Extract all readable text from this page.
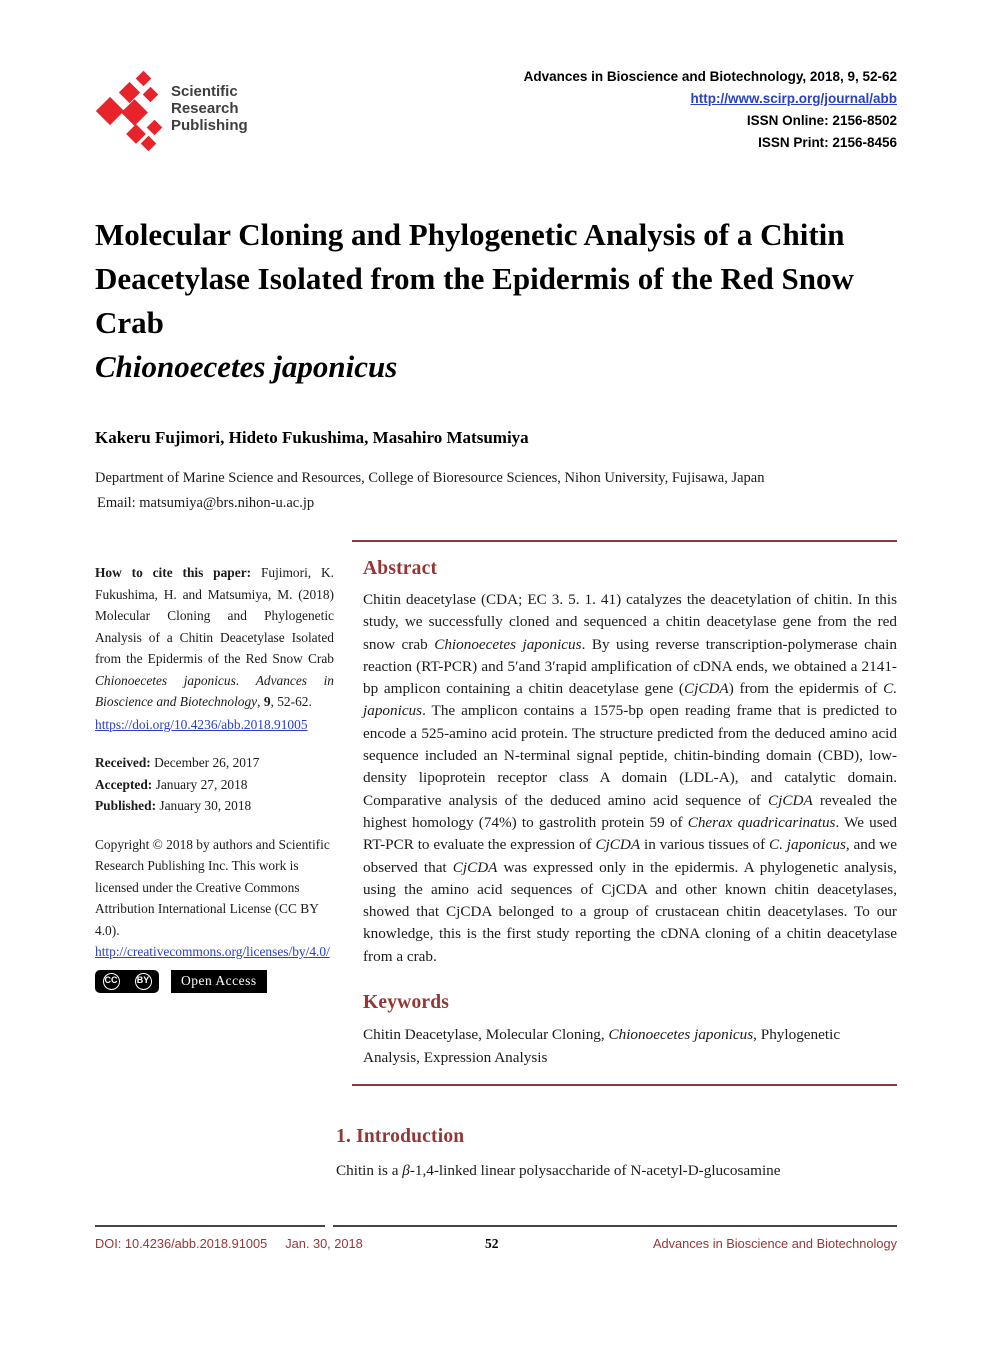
Scientific
Research
Publishing
Advances in Bioscience and Biotechnology, 2018, 9, 52-62
http://www.scirp.org/journal/abb
ISSN Online: 2156-8502
ISSN Print: 2156-8456
Molecular Cloning and Phylogenetic Analysis of a Chitin Deacetylase Isolated from the Epidermis of the Red Snow Crab
Chionoecetes japonicus
Kakeru Fujimori, Hideto Fukushima, Masahiro Matsumiya
Department of Marine Science and Resources, College of Bioresource Sciences, Nihon University, Fujisawa, Japan
Email: matsumiya@brs.nihon-u.ac.jp
How to cite this paper: Fujimori, K. Fukushima, H. and Matsumiya, M. (2018) Molecular Cloning and Phylogenetic Analysis of a Chitin Deacetylase Isolated from the Epidermis of the Red Snow Crab Chionoecetes japonicus. Advances in Bioscience and Biotechnology, 9, 52-62.
https://doi.org/10.4236/abb.2018.91005
Received: December 26, 2017
Accepted: January 27, 2018
Published: January 30, 2018
Copyright © 2018 by authors and Scientific Research Publishing Inc. This work is licensed under the Creative Commons Attribution International License (CC BY 4.0).
http://creativecommons.org/licenses/by/4.0/
CC BY	Open Access
Abstract

Chitin deacetylase (CDA; EC 3. 5. 1. 41) catalyzes the deacetylation of chitin. In this study, we successfully cloned and sequenced a chitin deacetylase gene from the red snow crab Chionoecetes japonicus. By using reverse transcription-polymerase chain reaction (RT-PCR) and 5′and 3′rapid amplification of cDNA ends, we obtained a 2141-bp amplicon containing a chitin deacetylase gene (CjCDA) from the epidermis of C. japonicus. The amplicon contains a 1575-bp open reading frame that is predicted to encode a 525-amino acid protein. The structure predicted from the deduced amino acid sequence included an N-terminal signal peptide, chitin-binding domain (CBD), low-density lipoprotein receptor class A domain (LDL-A), and catalytic domain. Comparative analysis of the deduced amino acid sequence of CjCDA revealed the highest homology (74%) to gastrolith protein 59 of Cherax quadricarinatus. We used RT-PCR to evaluate the expression of CjCDA in various tissues of C. japonicus, and we observed that CjCDA was expressed only in the epidermis. A phylogenetic analysis, using the amino acid sequences of CjCDA and other known chitin deacetylases, showed that CjCDA belonged to a group of crustacean chitin deacetylases. To our knowledge, this is the first study reporting the cDNA cloning of a chitin deacetylase from a crab.

Keywords

Chitin Deacetylase, Molecular Cloning, Chionoecetes japonicus, Phylogenetic Analysis, Expression Analysis

1. Introduction

Chitin is a β-1,4-linked linear polysaccharide of N-acetyl-D-glucosamine

DOI: 10.4236/abb.2018.91005 Jan. 30, 2018	52	Advances in Bioscience and Biotechnology
